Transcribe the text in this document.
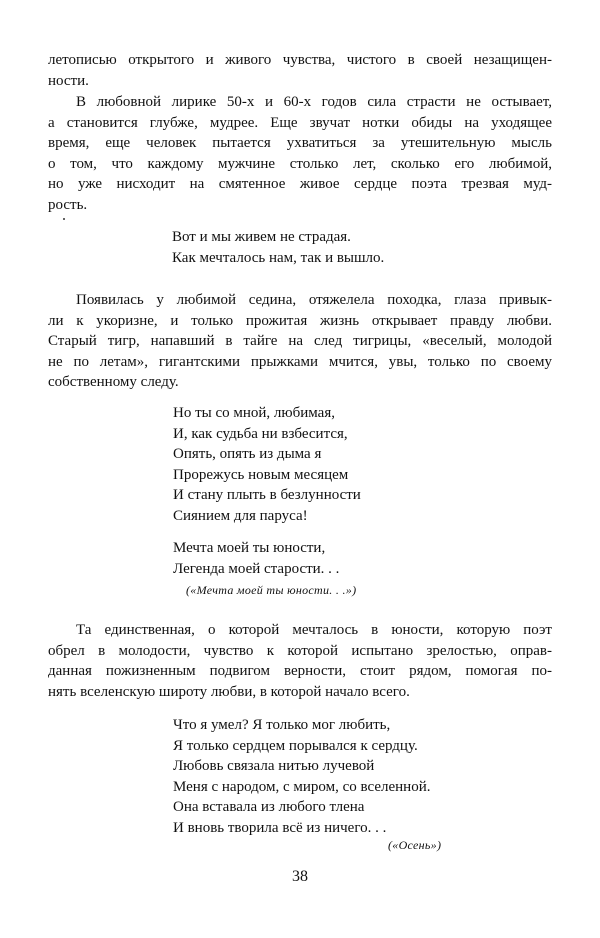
летописью открытого и живого чувства, чистого в своей незащищен-
ности.
В любовной лирике 50-х и 60-х годов сила страсти не остывает,
а становится глубже, мудрее. Еще звучат нотки обиды на уходящее
время, еще человек пытается ухватиться за утешительную мысль
о том, что каждому мужчине столько лет, сколько его любимой,
но уже нисходит на смятенное живое сердце поэта трезвая муд-
рость.
Вот и мы живем не страдая.
Как мечталось нам, так и вышло.
Появилась у любимой седина, отяжелела походка, глаза привык-
ли к укоризне, и только прожитая жизнь открывает правду любви.
Старый тигр, напавший в тайге на след тигрицы, «веселый, молодой
не по летам», гигантскими прыжками мчится, увы, только по своему
собственному следу.
Но ты со мной, любимая,
И, как судьба ни взбесится,
Опять, опять из дыма я
Прорежусь новым месяцем
И стану плыть в безлунности
Сиянием для паруса!
Мечта моей ты юности,
Легенда моей старости. . .
(«Мечта моей ты юности. . .»)
Та единственная, о которой мечталось в юности, которую поэт
обрел в молодости, чувство к которой испытано зрелостью, оправ-
данная пожизненным подвигом верности, стоит рядом, помогая по-
нять вселенскую широту любви, в которой начало всего.
Что я умел? Я только мог любить,
Я только сердцем порывался к сердцу.
Любовь связала нитью лучевой
Меня с народом, с миром, со вселенной.
Она вставала из любого тлена
И вновь творила всё из ничего. . .
(«Осень»)
38
